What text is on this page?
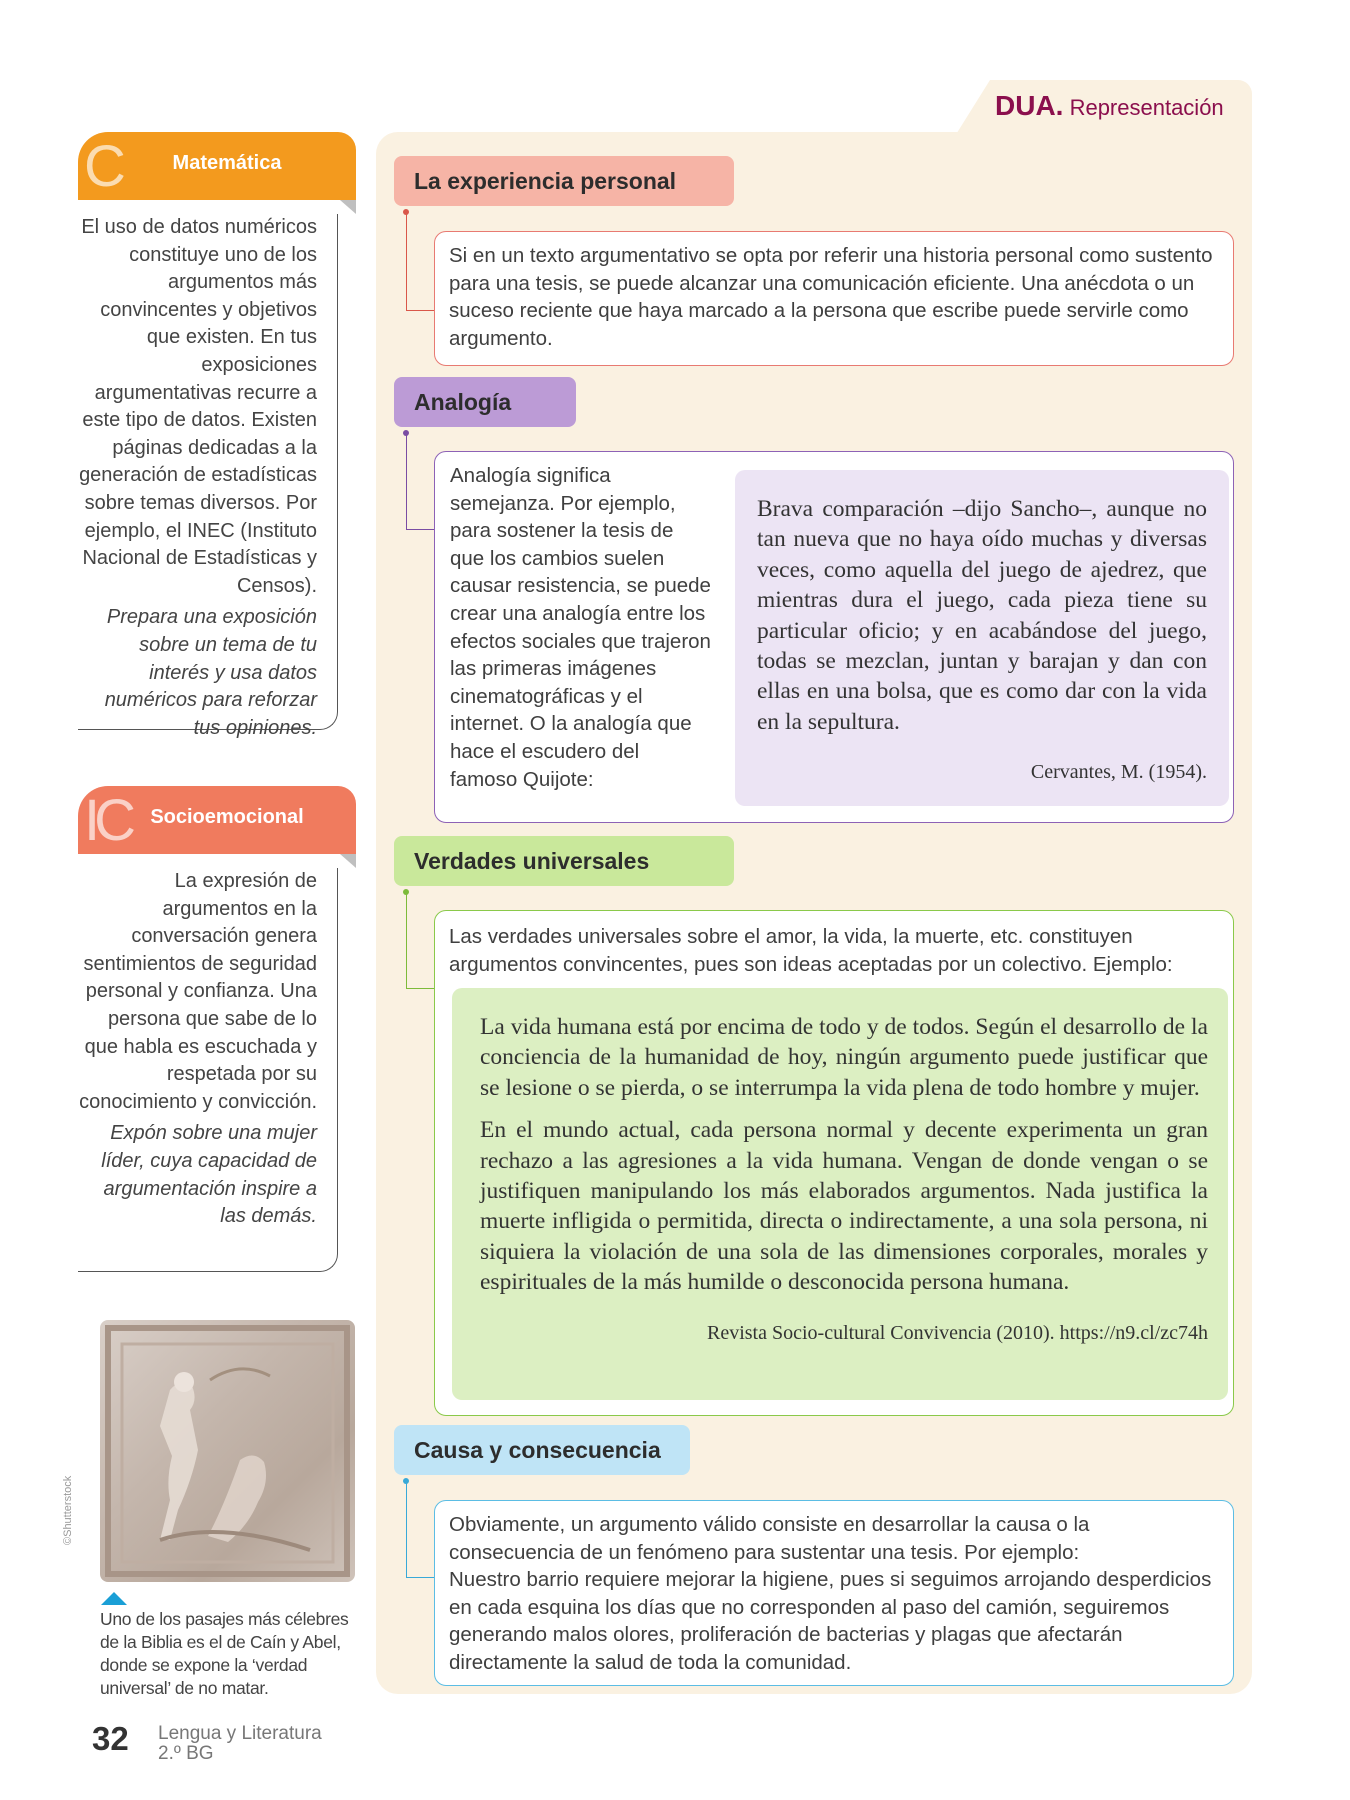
C	Matemática

El uso de datos numéricos constituye uno de los argumentos más convincentes y objetivos que existen. En tus exposiciones argumentativas recurre a este tipo de datos. Existen páginas dedicadas a la generación de estadísticas sobre temas diversos. Por ejemplo, el INEC (Instituto Nacional de Estadísticas y Censos).

Prepara una exposición sobre un tema de tu interés y usa datos numéricos para reforzar tus opiniones.

IC	Socioemocional

La expresión de argumentos en la conversación genera sentimientos de seguridad personal y confianza. Una persona que sabe de lo que habla es escuchada y respetada por su conocimiento y convicción.

Expón sobre una mujer líder, cuya capacidad de argumentación inspire a las demás.

©Shutterstock
Uno de los pasajes más célebres de la Biblia es el de Caín y Abel, donde se expone la ‘verdad universal’ de no matar.
32 Lengua y Literatura
2.º BG
DUA. Representación
La experiencia personal
Si en un texto argumentativo se opta por referir una historia personal como sustento para una tesis, se puede alcanzar una comunicación eficiente. Una anécdota o un suceso reciente que haya marcado a la persona que escribe puede servirle como argumento.
Analogía
Analogía significa semejanza. Por ejemplo, para sostener la tesis de que los cambios suelen causar resistencia, se puede crear una analogía entre los efectos sociales que trajeron las primeras imágenes cinematográficas y el internet. O la analogía que hace el escudero del famoso Quijote:

Brava comparación –dijo Sancho–, aunque no tan nueva que no haya oído muchas y diversas veces, como aquella del juego de ajedrez, que mientras dura el juego, cada pieza tiene su particular oficio; y en acabándose del juego, todas se mezclan, juntan y barajan y dan con ellas en una bolsa, que es como dar con la vida en la sepultura.

Cervantes, M. (1954).

Verdades universales
Las verdades universales sobre el amor, la vida, la muerte, etc. constituyen argumentos convincentes, pues son ideas aceptadas por un colectivo. Ejemplo:

La vida humana está por encima de todo y de todos. Según el desarrollo de la conciencia de la humanidad de hoy, ningún argumento puede justificar que se lesione o se pierda, o se interrumpa la vida plena de todo hombre y mujer.

En el mundo actual, cada persona normal y decente experimenta un gran rechazo a las agresiones a la vida humana. Vengan de donde vengan o se justifiquen manipulando los más elaborados argumentos. Nada justifica la muerte infligida o permitida, directa o indirectamente, a una sola persona, ni siquiera la violación de una sola de las dimensiones corporales, morales y espirituales de la más humilde o desconocida persona humana.

Revista Socio-cultural Convivencia (2010). https://n9.cl/zc74h

Causa y consecuencia
Obviamente, un argumento válido consiste en desarrollar la causa o la consecuencia de un fenómeno para sustentar una tesis. Por ejemplo:
Nuestro barrio requiere mejorar la higiene, pues si seguimos arrojando desperdicios en cada esquina los días que no corresponden al paso del camión, seguiremos generando malos olores, proliferación de bacterias y plagas que afectarán directamente la salud de toda la comunidad.
